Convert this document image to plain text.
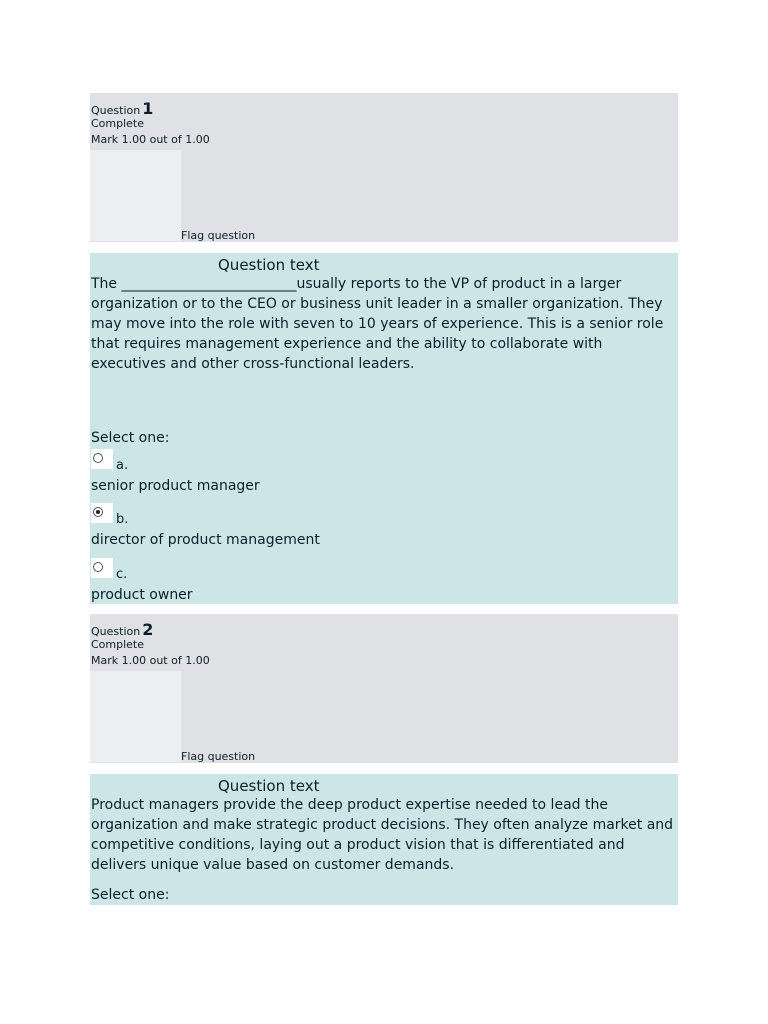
Question 1
Complete
Mark 1.00 out of 1.00
Flag question
Question text
The _________________________usually reports to the VP of product in a larger organization or to the CEO or business unit leader in a smaller organization. They may move into the role with seven to 10 years of experience. This is a senior role that requires management experience and the ability to collaborate with executives and other cross-functional leaders.
Select one:
a.
senior product manager
b.
director of product management
c.
product owner
Question 2
Complete
Mark 1.00 out of 1.00
Flag question
Question text
Product managers provide the deep product expertise needed to lead the organization and make strategic product decisions. They often analyze market and competitive conditions, laying out a product vision that is differentiated and delivers unique value based on customer demands.
Select one:
